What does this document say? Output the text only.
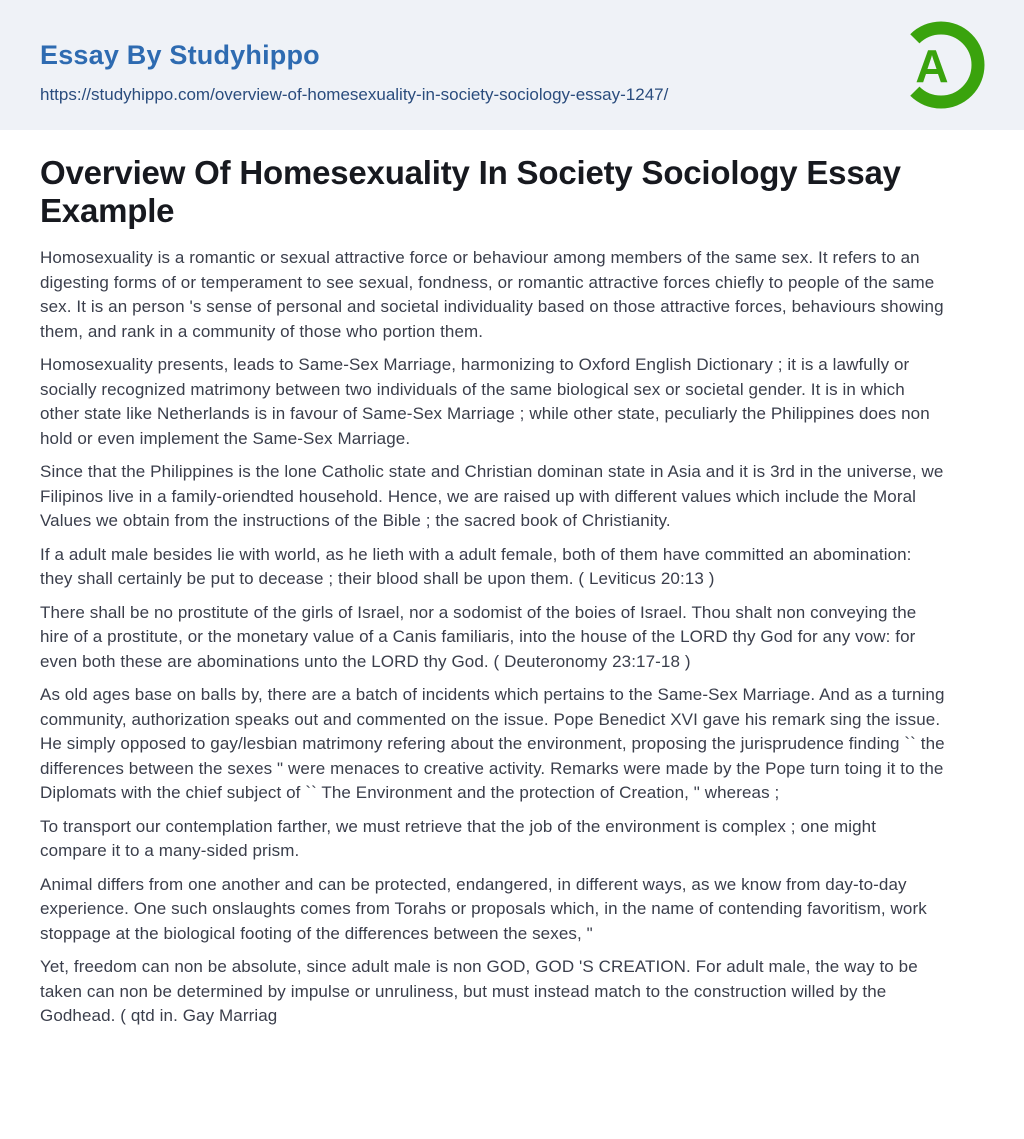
Essay By Studyhippo
https://studyhippo.com/overview-of-homesexuality-in-society-sociology-essay-1247/
A
Overview Of Homesexuality In Society Sociology Essay Example

Homosexuality is a romantic or sexual attractive force or behaviour among members of the same sex. It refers to an digesting forms of or temperament to see sexual, fondness, or romantic attractive forces chiefly to people of the same sex. It is an person 's sense of personal and societal individuality based on those attractive forces, behaviours showing them, and rank in a community of those who portion them.

Homosexuality presents, leads to Same-Sex Marriage, harmonizing to Oxford English Dictionary ; it is a lawfully or socially recognized matrimony between two individuals of the same biological sex or societal gender. It is in which other state like Netherlands is in favour of Same-Sex Marriage ; while other state, peculiarly the Philippines does non hold or even implement the Same-Sex Marriage.

Since that the Philippines is the lone Catholic state and Christian dominan state in Asia and it is 3rd in the universe, we Filipinos live in a family-oriendted household. Hence, we are raised up with different values which include the Moral Values we obtain from the instructions of the Bible ; the sacred book of Christianity.

If a adult male besides lie with world, as he lieth with a adult female, both of them have committed an abomination: they shall certainly be put to decease ; their blood shall be upon them. ( Leviticus 20:13 )

There shall be no prostitute of the girls of Israel, nor a sodomist of the boies of Israel. Thou shalt non conveying the hire of a prostitute, or the monetary value of a Canis familiaris, into the house of the LORD thy God for any vow: for even both these are abominations unto the LORD thy God. ( Deuteronomy 23:17-18 )

As old ages base on balls by, there are a batch of incidents which pertains to the Same-Sex Marriage. And as a turning community, authorization speaks out and commented on the issue. Pope Benedict XVI gave his remark sing the issue. He simply opposed to gay/lesbian matrimony refering about the environment, proposing the jurisprudence finding `` the differences between the sexes " were menaces to creative activity. Remarks were made by the Pope turn toing it to the Diplomats with the chief subject of `` The Environment and the protection of Creation, " whereas ;

To transport our contemplation farther, we must retrieve that the job of the environment is complex ; one might compare it to a many-sided prism.

Animal differs from one another and can be protected, endangered, in different ways, as we know from day-to-day experience. One such onslaughts comes from Torahs or proposals which, in the name of contending favoritism, work stoppage at the biological footing of the differences between the sexes, "

Yet, freedom can non be absolute, since adult male is non GOD, GOD 'S CREATION. For adult male, the way to be taken can non be determined by impulse or unruliness, but must instead match to the construction willed by the Godhead. ( qtd in. Gay Marriag
